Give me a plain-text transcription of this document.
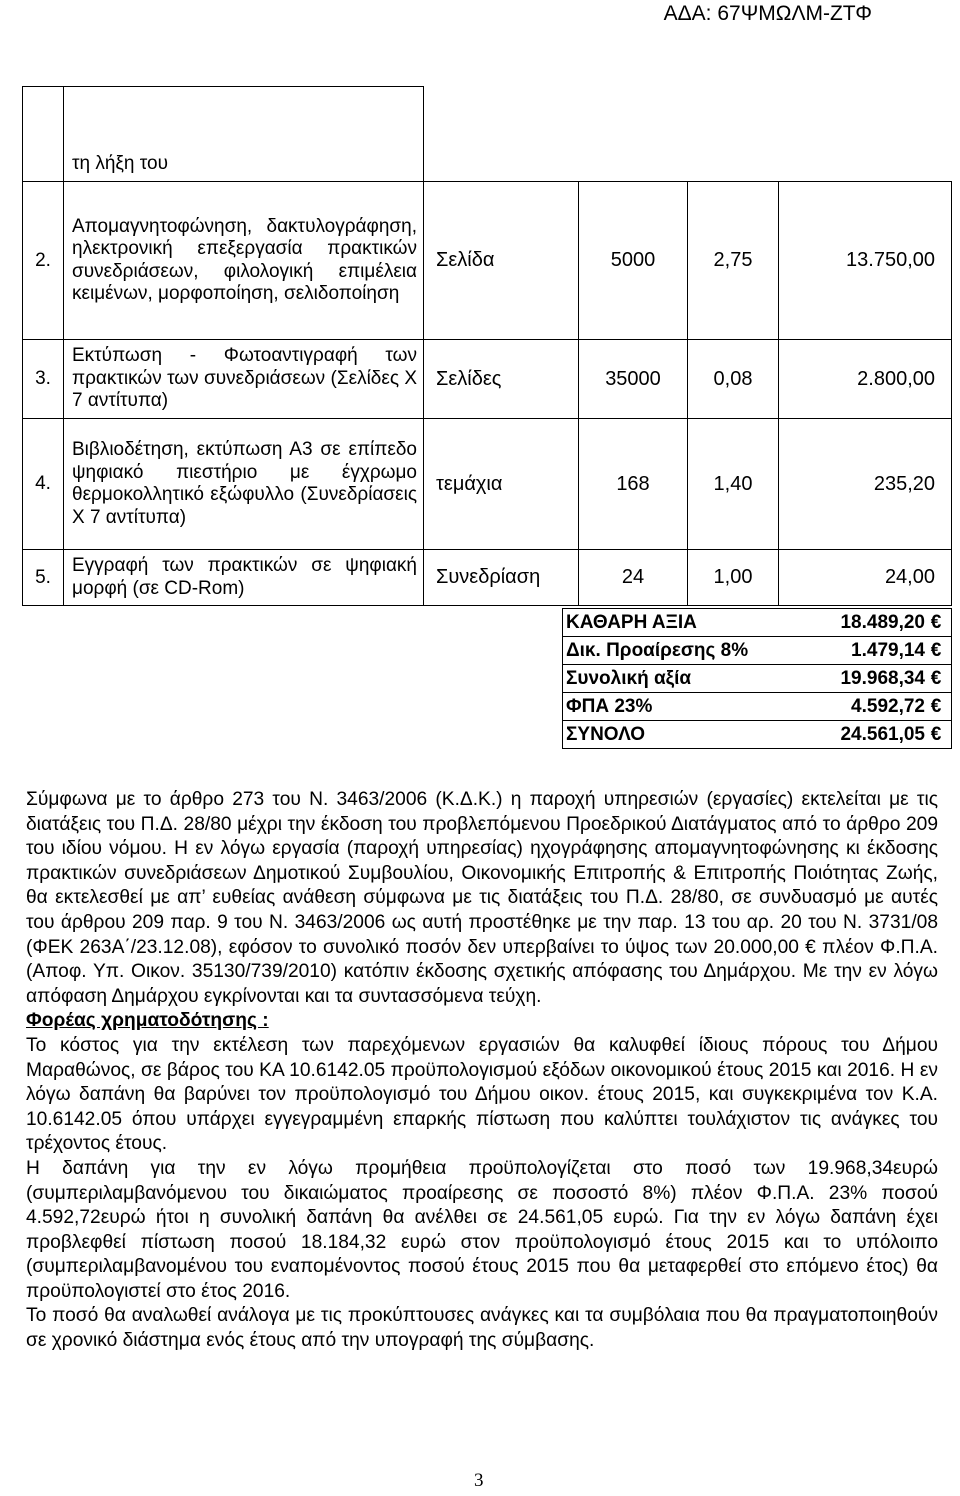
ΑΔΑ: 67ΨΜΩΛΜ-ΖΤΦ
	τη λήξη του				
2.	Απομαγνητοφώνηση, δακτυλογράφηση, ηλεκτρονική επεξεργασία πρακτικών συνεδριάσεων, φιλολογική επιμέλεια κειμένων, μορφοποίηση, σελιδοποίηση	Σελίδα	5000	2,75	13.750,00
3.	Εκτύπωση - Φωτοαντιγραφή των πρακτικών των συνεδριάσεων (Σελίδες Χ 7 αντίτυπα)	Σελίδες	35000	0,08	2.800,00
4.	Βιβλιοδέτηση, εκτύπωση Α3 σε επίπεδο ψηφιακό πιεστήριο με έγχρωμο θερμοκολλητικό εξώφυλλο (Συνεδρίασεις Χ 7 αντίτυπα)	τεμάχια	168	1,40	235,20
5.	Εγγραφή των πρακτικών σε ψηφιακή μορφή (σε CD-Rom)	Συνεδρίαση	24	1,00	24,00
ΚΑΘΑΡΗ ΑΞΙΑ	18.489,20 €
Δικ. Προαίρεσης 8%	1.479,14 €
Συνολική αξία	19.968,34 €
ΦΠΑ 23%	4.592,72 €
ΣΥΝΟΛΟ	24.561,05 €

Σύμφωνα με το άρθρο 273 του Ν. 3463/2006 (Κ.Δ.Κ.) η παροχή υπηρεσιών (εργασίες) εκτελείται με τις διατάξεις του Π.Δ. 28/80 μέχρι την έκδοση του προβλεπόμενου Προεδρικού Διατάγματος από το άρθρο 209 του ιδίου νόμου. Η εν λόγω εργασία (παροχή υπηρεσίας) ηχογράφησης απομαγνητοφώνησης κι έκδοσης πρακτικών συνεδριάσεων Δημοτικού Συμβουλίου, Οικονομικής Επιτροπής & Επιτροπής Ποιότητας Ζωής, θα εκτελεσθεί με απ’ ευθείας ανάθεση σύμφωνα με τις διατάξεις του Π.Δ. 28/80, σε συνδυασμό με αυτές του άρθρου 209 παρ. 9 του Ν. 3463/2006 ως αυτή προστέθηκε με την παρ. 13 του αρ. 20 του Ν. 3731/08 (ΦΕΚ 263Α΄/23.12.08), εφόσον το συνολικό ποσόν δεν υπερβαίνει το ύψος των 20.000,00 € πλέον Φ.Π.Α. (Αποφ. Υπ. Οικον. 35130/739/2010) κατόπιν έκδοσης σχετικής απόφασης του Δημάρχου. Με την εν λόγω απόφαση Δημάρχου εγκρίνονται και τα συντασσόμενα τεύχη.

Φορέας χρηματοδότησης :

Το κόστος για την εκτέλεση των παρεχόμενων εργασιών θα καλυφθεί ίδιους πόρους του Δήμου Μαραθώνος, σε βάρος του ΚΑ 10.6142.05 προϋπολογισμού εξόδων οικονομικού έτους 2015 και 2016. Η εν λόγω δαπάνη θα βαρύνει τον προϋπολογισμό του Δήμου οικον. έτους 2015, και συγκεκριμένα τον Κ.Α. 10.6142.05 όπου υπάρχει εγγεγραμμένη επαρκής πίστωση που καλύπτει τουλάχιστον τις ανάγκες του τρέχοντος έτους.

Η δαπάνη για την εν λόγω προμήθεια προϋπολογίζεται στο ποσό των 19.968,34ευρώ (συμπεριλαμβανόμενου του δικαιώματος προαίρεσης σε ποσοστό 8%) πλέον Φ.Π.Α. 23% ποσού 4.592,72ευρώ ήτοι η συνολική δαπάνη θα ανέλθει σε 24.561,05 ευρώ. Για την εν λόγω δαπάνη έχει προβλεφθεί πίστωση ποσού 18.184,32 ευρώ στον προϋπολογισμό έτους 2015 και το υπόλοιπο (συμπεριλαμβανομένου του εναπομένοντος ποσού έτους 2015 που θα μεταφερθεί στο επόμενο έτος) θα προϋπολογιστεί στο έτος 2016.

Το ποσό θα αναλωθεί ανάλογα με τις προκύπτουσες ανάγκες και τα συμβόλαια που θα πραγματοποιηθούν σε χρονικό διάστημα ενός έτους από την υπογραφή της σύμβασης.

3
